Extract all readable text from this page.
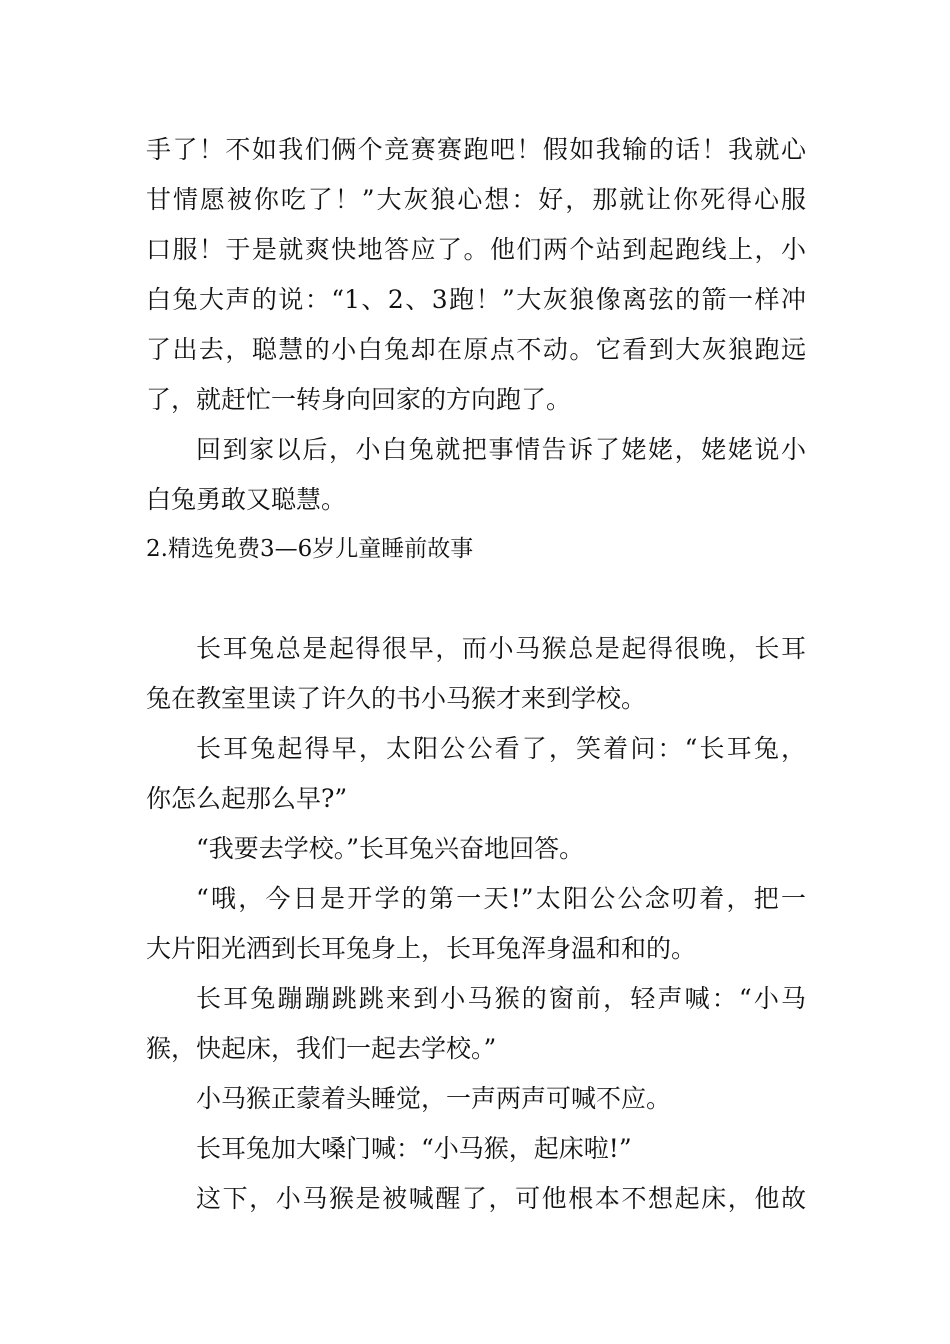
手了！不如我们俩个竞赛赛跑吧！假如我输的话！我就心
甘情愿被你吃了！”大灰狼心想：好，那就让你死得心服
口服！于是就爽快地答应了。他们两个站到起跑线上，小
白兔大声的说：“1、2、3跑！”大灰狼像离弦的箭一样冲
了出去，聪慧的小白兔却在原点不动。它看到大灰狼跑远
了，就赶忙一转身向回家的方向跑了。
回到家以后，小白兔就把事情告诉了姥姥，姥姥说小
白兔勇敢又聪慧。
2.精选免费3—6岁儿童睡前故事
长耳兔总是起得很早，而小马猴总是起得很晚，长耳
兔在教室里读了许久的书小马猴才来到学校。
长耳兔起得早，太阳公公看了，笑着问：“长耳兔，
你怎么起那么早?”
“我要去学校。”长耳兔兴奋地回答。
“哦，今日是开学的第一天!”太阳公公念叨着，把一
大片阳光洒到长耳兔身上，长耳兔浑身温和和的。
长耳兔蹦蹦跳跳来到小马猴的窗前，轻声喊：“小马
猴，快起床，我们一起去学校。”
小马猴正蒙着头睡觉，一声两声可喊不应。
长耳兔加大嗓门喊：“小马猴，起床啦!”
这下，小马猴是被喊醒了，可他根本不想起床，他故
